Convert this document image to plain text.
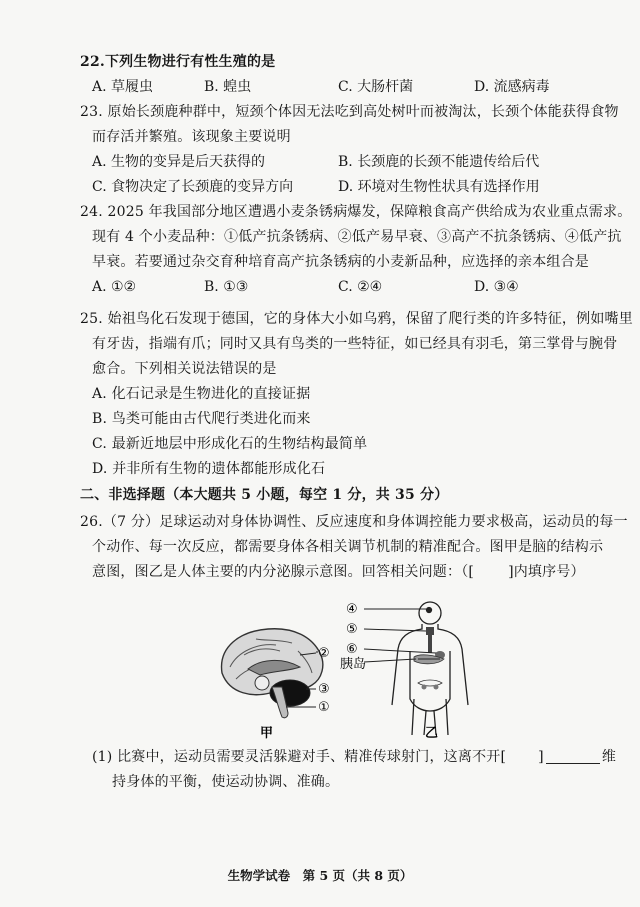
22.下列生物进行有性生殖的是
A. 草履虫	B. 蝗虫	C. 大肠杆菌	D. 流感病毒
23. 原始长颈鹿种群中，短颈个体因无法吃到高处树叶而被淘汰，长颈个体能获得食物
而存活并繁殖。该现象主要说明
A. 生物的变异是后天获得的	B. 长颈鹿的长颈不能遗传给后代
C. 食物决定了长颈鹿的变异方向	D. 环境对生物性状具有选择作用
24. 2025 年我国部分地区遭遇小麦条锈病爆发，保障粮食高产供给成为农业重点需求。
现有 4 个小麦品种：①低产抗条锈病、②低产易早衰、③高产不抗条锈病、④低产抗
早衰。若要通过杂交育种培育高产抗条锈病的小麦新品种，应选择的亲本组合是
A. ①②	B. ①③	C. ②④	D. ③④
25. 始祖鸟化石发现于德国，它的身体大小如乌鸦，保留了爬行类的许多特征，例如嘴里
有牙齿，指端有爪；同时又具有鸟类的一些特征，如已经具有羽毛，第三掌骨与腕骨
愈合。下列相关说法错误的是
A. 化石记录是生物进化的直接证据
B. 鸟类可能由古代爬行类进化而来
C. 最新近地层中形成化石的生物结构最简单
D. 并非所有生物的遗体都能形成化石
二、非选择题（本大题共 5 小题，每空 1 分，共 35 分）
26.（7 分）足球运动对身体协调性、反应速度和身体调控能力要求极高，运动员的每一
个动作、每一次反应，都需要身体各相关调节机制的精准配合。图甲是脑的结构示
意图，图乙是人体主要的内分泌腺示意图。回答相关问题：（[ ]内填序号）
②
③
①
甲
④
⑤
⑥
胰岛
乙
(1) 比赛中，运动员需要灵活躲避对手、精准传球射门，这离不开[ ]	维
持身体的平衡，使运动协调、准确。
生物学试卷　第 5 页（共 8 页）
